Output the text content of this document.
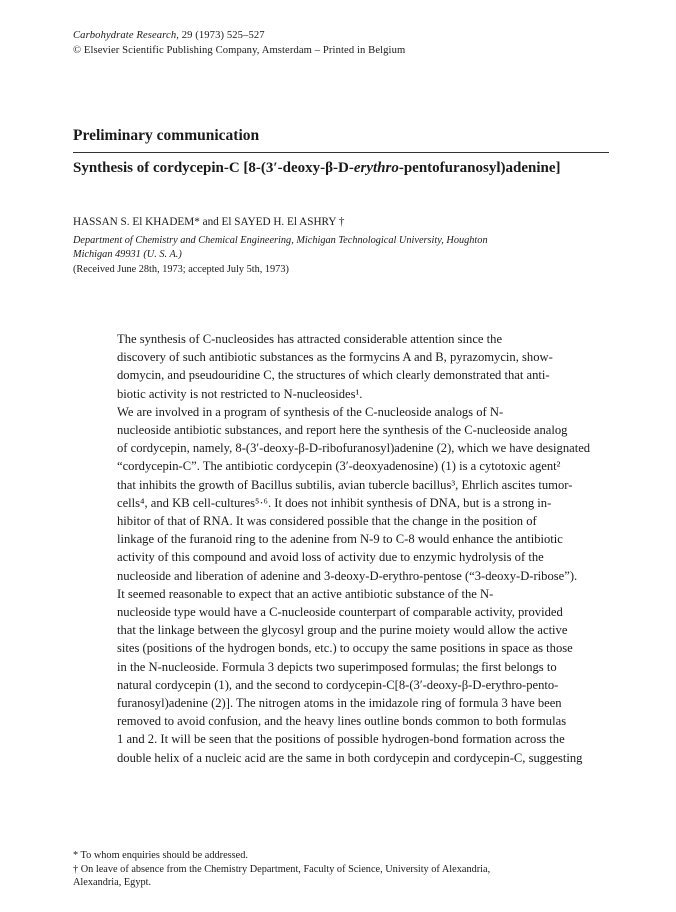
Carbohydrate Research, 29 (1973) 525–527
© Elsevier Scientific Publishing Company, Amsterdam – Printed in Belgium
Preliminary communication
Synthesis of cordycepin-C [8-(3′-deoxy-β-D-erythro-pentofuranosyl)adenine]
HASSAN S. El KHADEM* and El SAYED H. El ASHRY †
Department of Chemistry and Chemical Engineering, Michigan Technological University, Houghton
Michigan 49931 (U. S. A.)
(Received June 28th, 1973; accepted July 5th, 1973)

The synthesis of C-nucleosides has attracted considerable attention since the
discovery of such antibiotic substances as the formycins A and B, pyrazomycin, show-
domycin, and pseudouridine C, the structures of which clearly demonstrated that anti-
biotic activity is not restricted to N-nucleosides¹.

We are involved in a program of synthesis of the C-nucleoside analogs of N-
nucleoside antibiotic substances, and report here the synthesis of the C-nucleoside analog
of cordycepin, namely, 8-(3′-deoxy-β-D-ribofuranosyl)adenine (2), which we have designated
“cordycepin-C”. The antibiotic cordycepin (3′-deoxyadenosine) (1) is a cytotoxic agent²
that inhibits the growth of Bacillus subtilis, avian tubercle bacillus³, Ehrlich ascites tumor-
cells⁴, and KB cell-cultures⁵·⁶. It does not inhibit synthesis of DNA, but is a strong in-
hibitor of that of RNA. It was considered possible that the change in the position of
linkage of the furanoid ring to the adenine from N-9 to C-8 would enhance the antibiotic
activity of this compound and avoid loss of activity due to enzymic hydrolysis of the
nucleoside and liberation of adenine and 3-deoxy-D-erythro-pentose (“3-deoxy-D-ribose”).

It seemed reasonable to expect that an active antibiotic substance of the N-
nucleoside type would have a C-nucleoside counterpart of comparable activity, provided
that the linkage between the glycosyl group and the purine moiety would allow the active
sites (positions of the hydrogen bonds, etc.) to occupy the same positions in space as those
in the N-nucleoside. Formula 3 depicts two superimposed formulas; the first belongs to
natural cordycepin (1), and the second to cordycepin-C[8-(3′-deoxy-β-D-erythro-pento-
furanosyl)adenine (2)]. The nitrogen atoms in the imidazole ring of formula 3 have been
removed to avoid confusion, and the heavy lines outline bonds common to both formulas
1 and 2. It will be seen that the positions of possible hydrogen-bond formation across the
double helix of a nucleic acid are the same in both cordycepin and cordycepin-C, suggesting

* To whom enquiries should be addressed.
† On leave of absence from the Chemistry Department, Faculty of Science, University of Alexandria,
Alexandria, Egypt.
